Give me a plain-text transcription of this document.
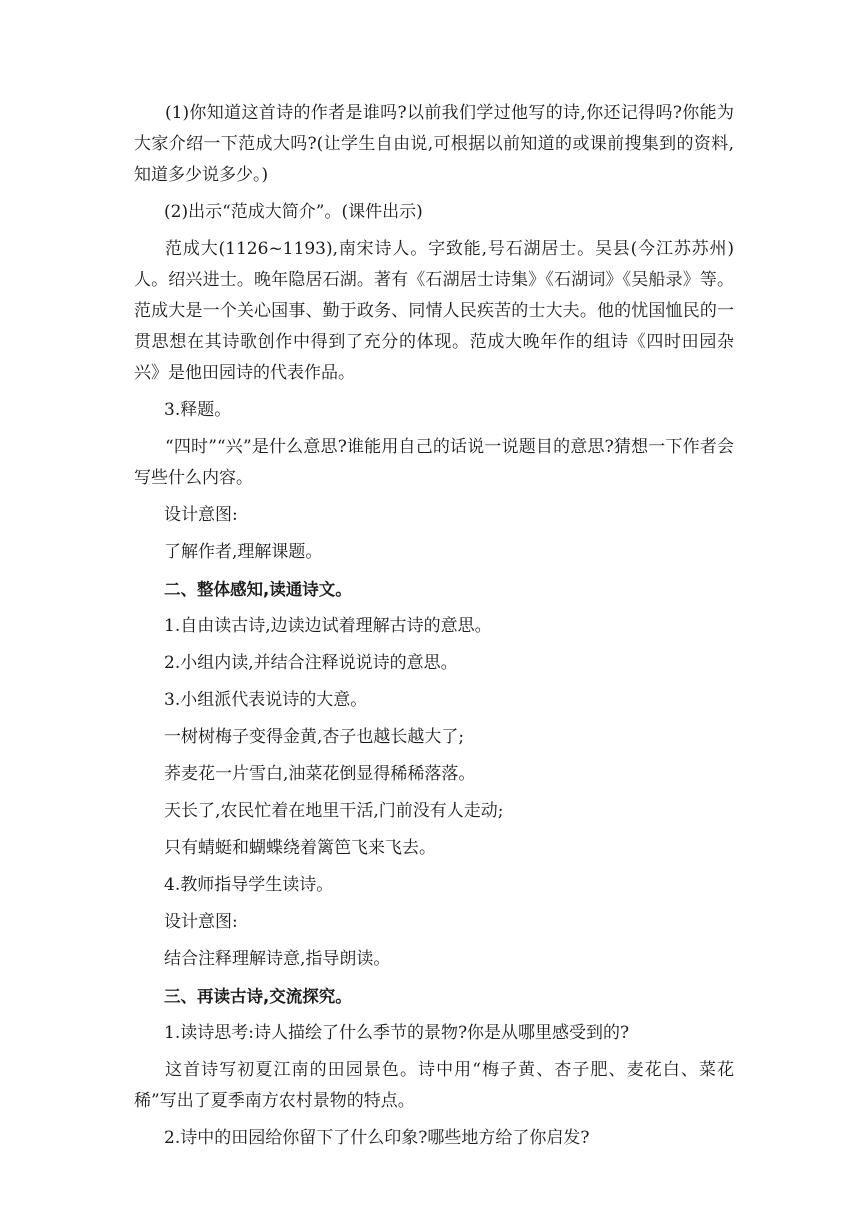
(1)你知道这首诗的作者是谁吗?以前我们学过他写的诗,你还记得吗?你能为大家介绍一下范成大吗?(让学生自由说,可根据以前知道的或课前搜集到的资料,知道多少说多少。)

(2)出示“范成大简介”。(课件出示)

范成大(1126~1193),南宋诗人。字致能,号石湖居士。吴县(今江苏苏州)人。绍兴进士。晚年隐居石湖。著有《石湖居士诗集》《石湖词》《吴船录》等。范成大是一个关心国事、勤于政务、同情人民疾苦的士大夫。他的忧国恤民的一贯思想在其诗歌创作中得到了充分的体现。范成大晚年作的组诗《四时田园杂兴》是他田园诗的代表作品。

3.释题。

“四时”“兴”是什么意思?谁能用自己的话说一说题目的意思?猜想一下作者会写些什么内容。

设计意图:

了解作者,理解课题。

二、整体感知,读通诗文。

1.自由读古诗,边读边试着理解古诗的意思。

2.小组内读,并结合注释说说诗的意思。

3.小组派代表说诗的大意。

一树树梅子变得金黄,杏子也越长越大了;

荞麦花一片雪白,油菜花倒显得稀稀落落。

天长了,农民忙着在地里干活,门前没有人走动;

只有蜻蜓和蝴蝶绕着篱笆飞来飞去。

4.教师指导学生读诗。

设计意图:

结合注释理解诗意,指导朗读。

三、再读古诗,交流探究。

1.读诗思考:诗人描绘了什么季节的景物?你是从哪里感受到的?

这首诗写初夏江南的田园景色。诗中用“梅子黄、杏子肥、麦花白、菜花稀”写出了夏季南方农村景物的特点。

2.诗中的田园给你留下了什么印象?哪些地方给了你启发?
